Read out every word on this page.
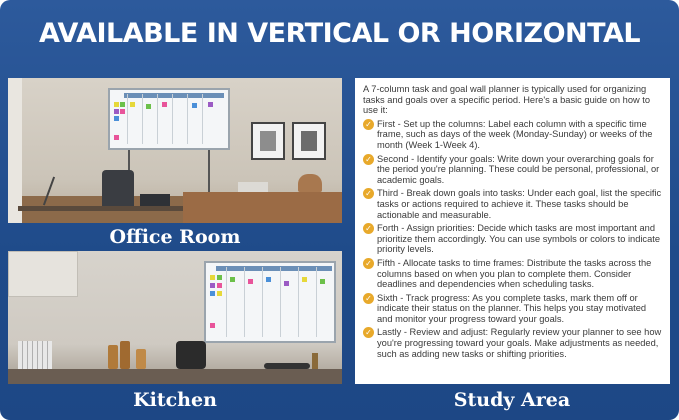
AVAILABLE IN VERTICAL OR HORIZONTAL
Office Room
Kitchen
A 7-column task and goal wall planner is typically used for organizing tasks and goals over a specific period. Here's a basic guide on how to use it:
✓ First - Set up the columns: Label each column with a specific time frame, such as days of the week (Monday-Sunday) or weeks of the month (Week 1-Week 4).
✓ Second - Identify your goals: Write down your overarching goals for the period you're planning. These could be personal, professional, or academic goals.
✓ Third - Break down goals into tasks: Under each goal, list the specific tasks or actions required to achieve it. These tasks should be actionable and measurable.
✓ Forth - Assign priorities: Decide which tasks are most important and prioritize them accordingly. You can use symbols or colors to indicate priority levels.
✓ Fifth - Allocate tasks to time frames: Distribute the tasks across the columns based on when you plan to complete them. Consider deadlines and dependencies when scheduling tasks.
✓ Sixth - Track progress: As you complete tasks, mark them off or indicate their status on the planner. This helps you stay motivated and monitor your progress toward your goals.
✓ Lastly - Review and adjust: Regularly review your planner to see how you're progressing toward your goals. Make adjustments as needed, such as adding new tasks or shifting priorities.
Study Area
